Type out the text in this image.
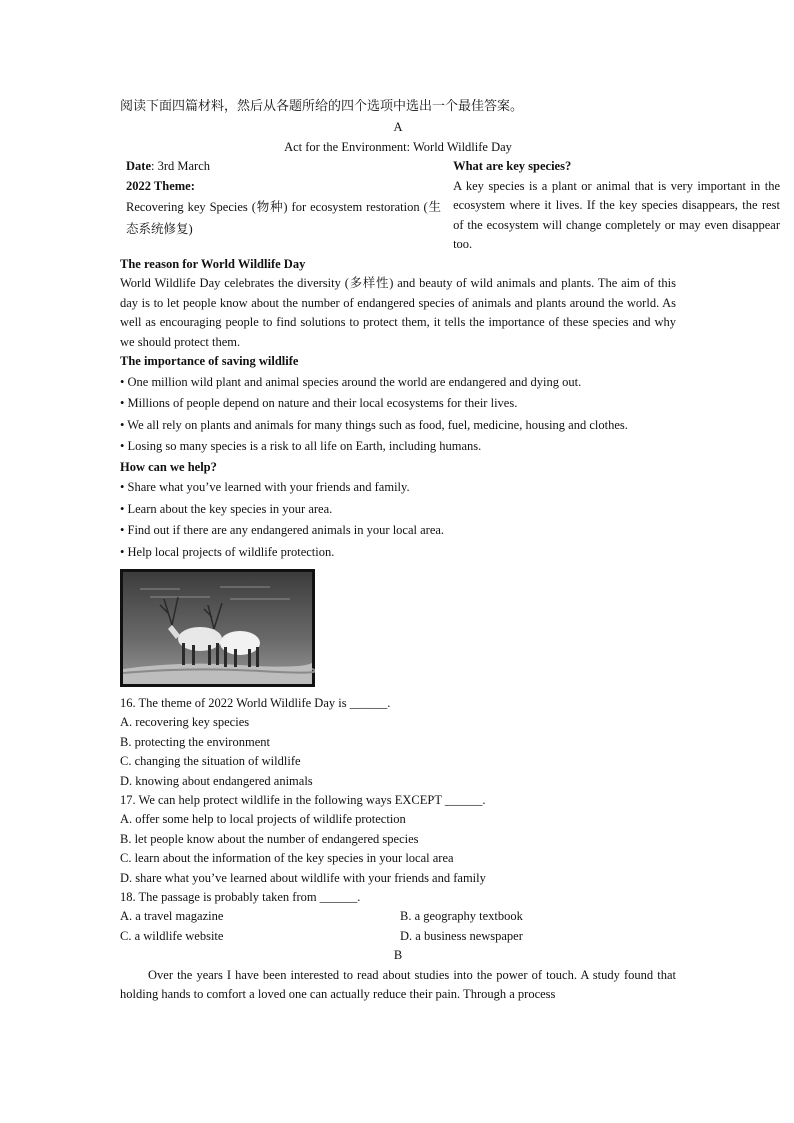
阅读下面四篇材料，然后从各题所给的四个选项中选出一个最佳答案。
A
Act for the Environment: World Wildlife Day
Date: 3rd March
2022 Theme:
Recovering key Species (物种) for ecosystem restoration (生态系统修复)

What are key species?

A key species is a plant or animal that is very important in the ecosystem where it lives. If the key species disappears, the rest of the ecosystem will change completely or may even disappear too.

The reason for World Wildlife Day
World Wildlife Day celebrates the diversity (多样性) and beauty of wild animals and plants. The aim of this day is to let people know about the number of endangered species of animals and plants around the world. As well as encouraging people to find solutions to protect them, it tells the importance of these species and why we should protect them.
The importance of saving wildlife
• One million wild plant and animal species around the world are endangered and dying out.
• Millions of people depend on nature and their local ecosystems for their lives.
• We all rely on plants and animals for many things such as food, fuel, medicine, housing and clothes.
• Losing so many species is a risk to all life on Earth, including humans.
How can we help?
• Share what you’ve learned with your friends and family.
• Learn about the key species in your area.
• Find out if there are any endangered animals in your local area.
• Help local projects of wildlife protection.
16. The theme of 2022 World Wildlife Day is ______.
A. recovering key species
B. protecting the environment
C. changing the situation of wildlife
D. knowing about endangered animals
17. We can help protect wildlife in the following ways EXCEPT ______.
A. offer some help to local projects of wildlife protection
B. let people know about the number of endangered species
C. learn about the information of the key species in your local area
D. share what you’ve learned about wildlife with your friends and family
18. The passage is probably taken from ______.
A. a travel magazine	B. a geography textbook
C. a wildlife website	D. a business newspaper
B
Over the years I have been interested to read about studies into the power of touch. A study found that holding hands to comfort a loved one can actually reduce their pain. Through a process
